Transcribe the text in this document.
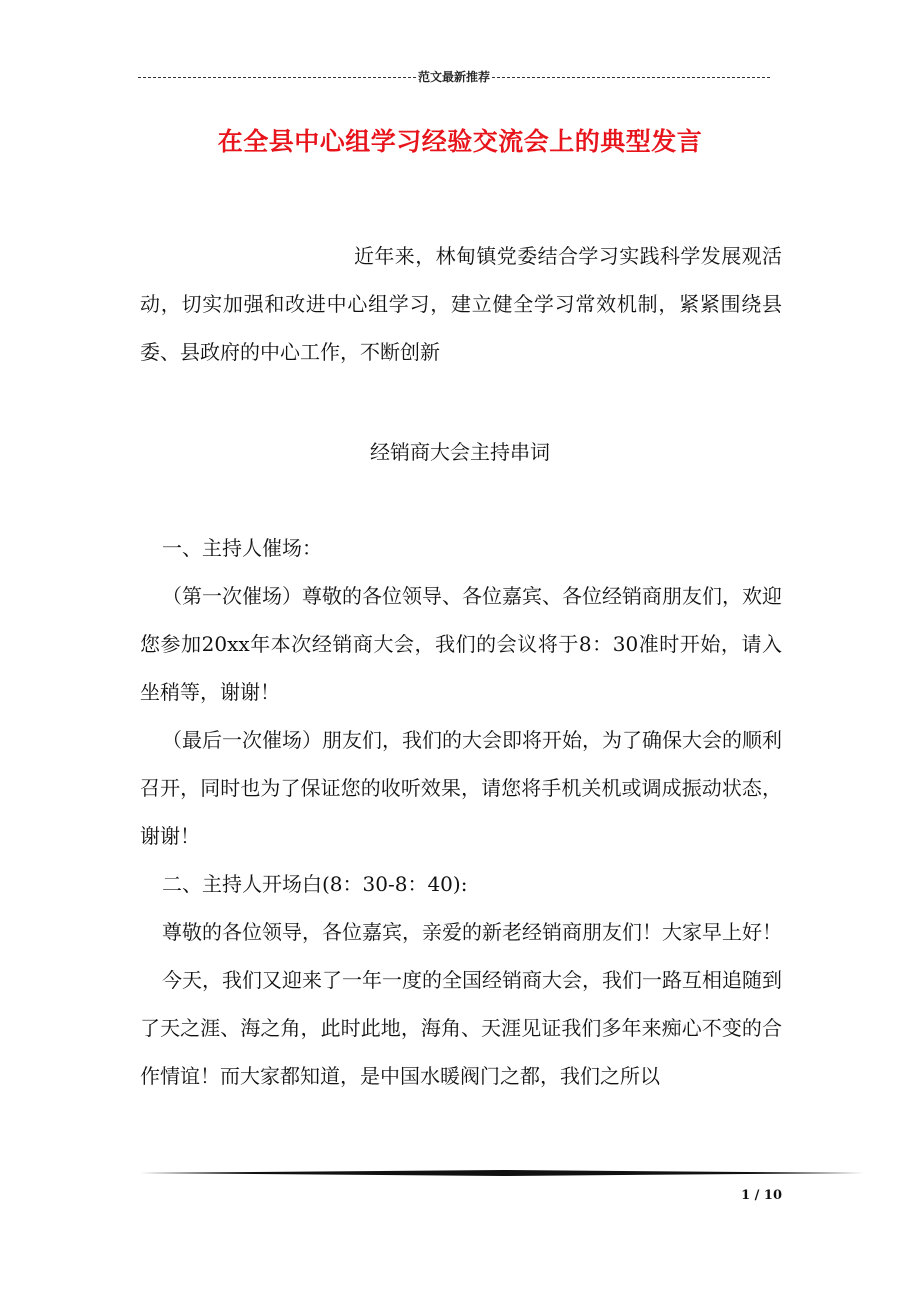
范文最新推荐
在全县中心组学习经验交流会上的典型发言
近年来，林甸镇党委结合学习实践科学发展观活动，切实加强和改进中心组学习，建立健全学习常效机制，紧紧围绕县委、县政府的中心工作，不断创新
经销商大会主持串词

一、主持人催场：

（第一次催场）尊敬的各位领导、各位嘉宾、各位经销商朋友们，欢迎您参加20xx年本次经销商大会，我们的会议将于8：30准时开始，请入坐稍等，谢谢！

（最后一次催场）朋友们，我们的大会即将开始，为了确保大会的顺利召开，同时也为了保证您的收听效果，请您将手机关机或调成振动状态，谢谢！

二、主持人开场白(8：30-8：40):

尊敬的各位领导，各位嘉宾，亲爱的新老经销商朋友们！大家早上好！

今天，我们又迎来了一年一度的全国经销商大会，我们一路互相追随到了天之涯、海之角，此时此地，海角、天涯见证我们多年来痴心不变的合作情谊！而大家都知道，是中国水暖阀门之都，我们之所以

1 / 10
